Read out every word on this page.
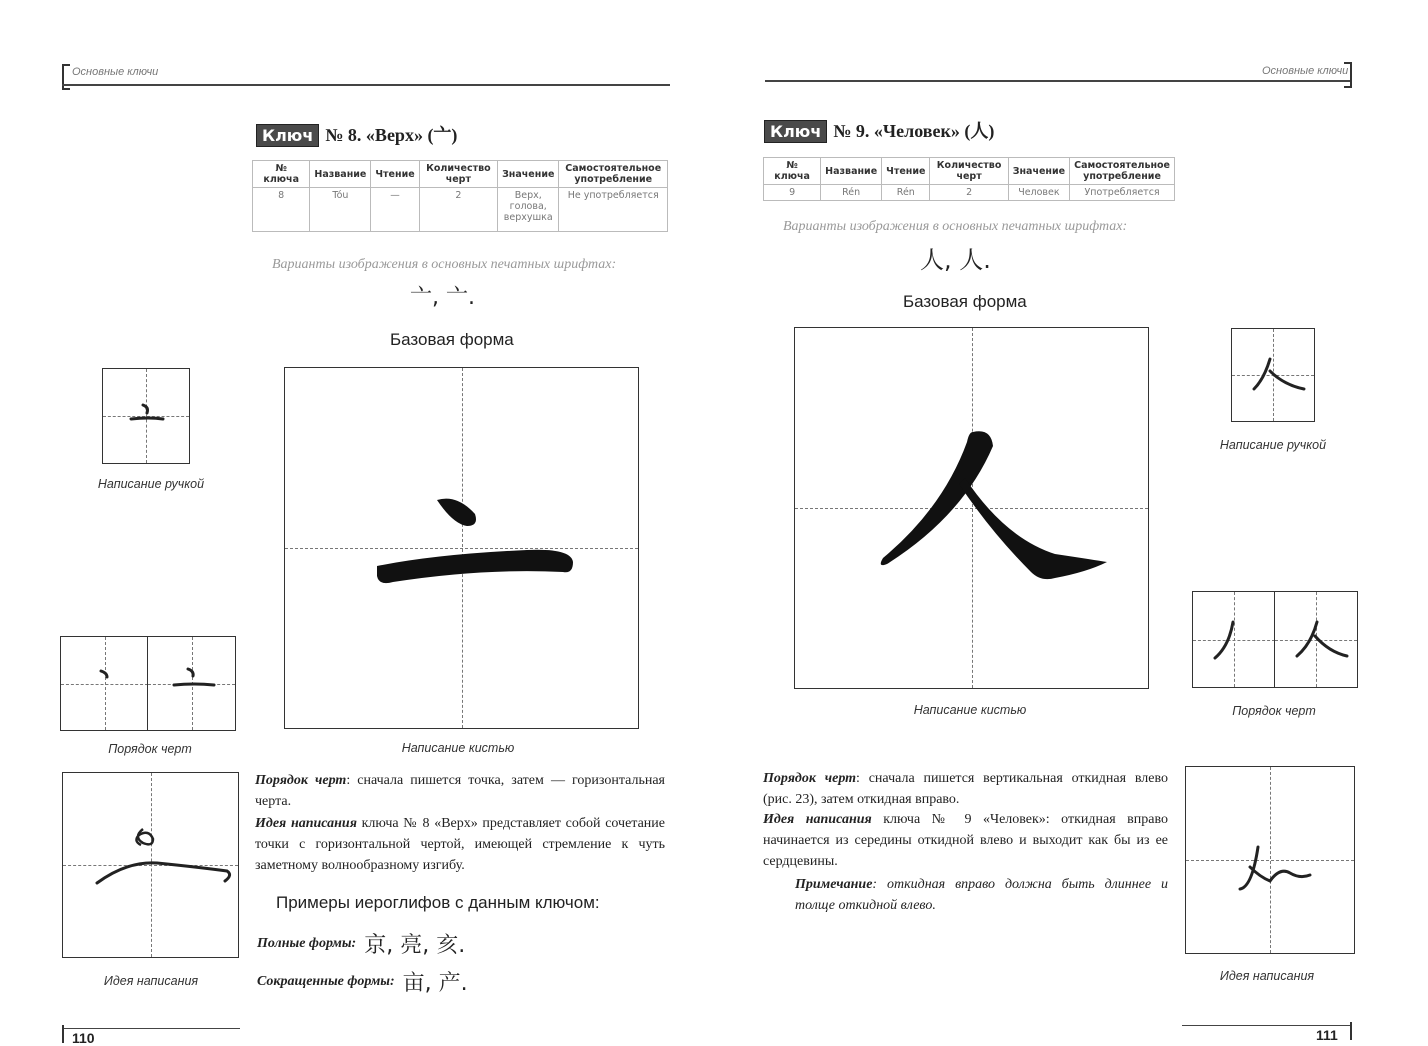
Основные ключи
Ключ № 8. «Верх» (亠)
№ ключа	Название	Чтение	Количество черт	Значение	Самостоятельное употребление
8	Tóu	—	2	Верх, голова, верхушка	Не употребляется
Варианты изображения в основных печатных шрифтах:
亠, 亠.
Базовая форма
Написание ручкой
Написание кистью
Порядок черт
Идея написания
Порядок черт: сначала пишется точка, затем — горизонтальная черта.
Идея написания ключа № 8 «Верх» представляет собой сочетание точки с горизонтальной чертой, имеющей стремление к чуть заметному волнообразному изгибу.
Примеры иероглифов с данным ключом:
Полные формы: 京, 亮, 亥.
Сокращенные формы: 亩, 产.
110
Основные ключи
Ключ № 9. «Человек» (人)
№ ключа	Название	Чтение	Количество черт	Значение	Самостоятельное употребление
9	Rén	Rén	2	Человек	Употребляется
Варианты изображения в основных печатных шрифтах:
人, 人.
Базовая форма
Написание кистью
Написание ручкой
Порядок черт
Порядок черт: сначала пишется вертикальная откидная влево (рис. 23), затем откидная вправо.
Идея написания ключа № 9 «Человек»: откидная вправо начинается из середины откидной влево и выходит как бы из ее сердцевины.
Примечание: откидная вправо должна быть длиннее и толще откидной влево.
Идея написания
111
